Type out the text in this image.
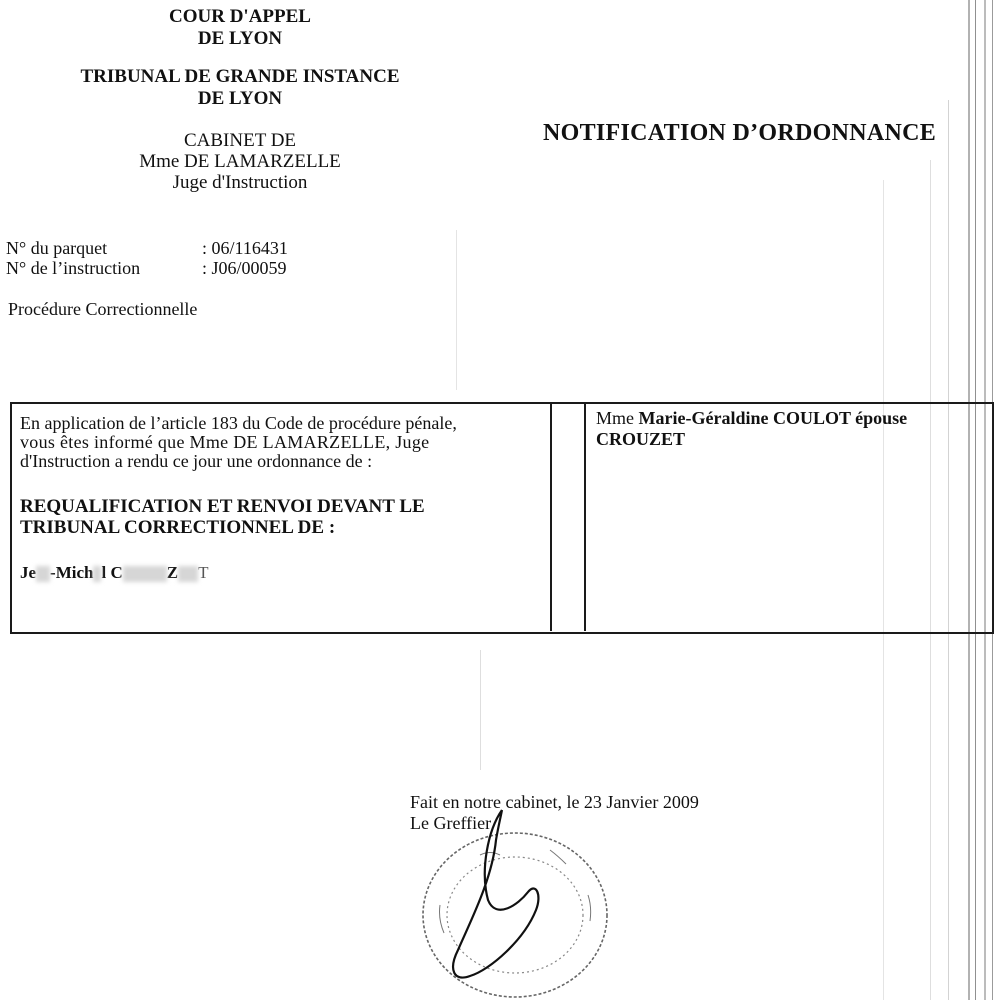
COUR D'APPEL
DE LYON
TRIBUNAL DE GRANDE INSTANCE
DE LYON
CABINET DE
Mme DE LAMARZELLE
Juge d'Instruction
NOTIFICATION D’ORDONNANCE
N° du parquet	: 06/116431
N° de l’instruction	: J06/00059
Procédure Correctionnelle
En application de l’article 183 du Code de procédure pénale,
vous êtes informé que Mme DE LAMARZELLE, Juge
d'Instruction a rendu ce jour une ordonnance de :
REQUALIFICATION ET RENVOI DEVANT LE
TRIBUNAL CORRECTIONNEL DE :
Je -Mich l C	Z T
Mme Marie-Géraldine COULOT épouse
CROUZET
Fait en notre cabinet, le 23 Janvier 2009
Le Greffier
